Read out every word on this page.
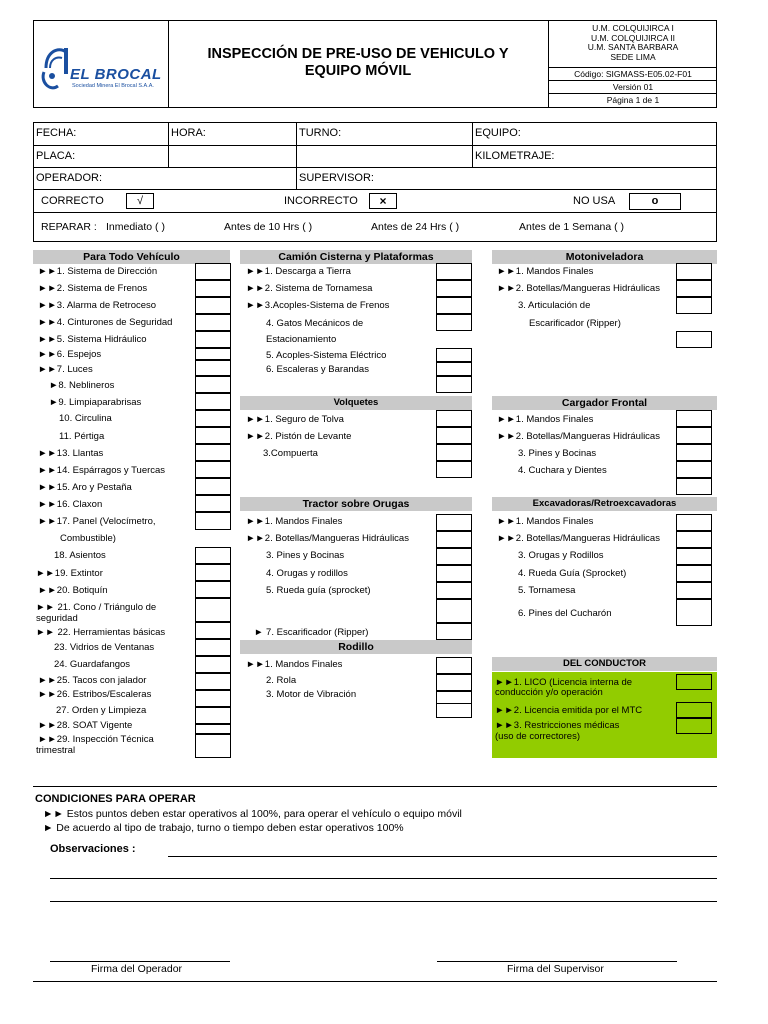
EL BROCAL
Sociedad Minera El Brocal S.A.A.
INSPECCIÓN DE PRE-USO DE VEHICULO Y
EQUIPO MÓVIL
U.M. COLQUIJIRCA I
U.M. COLQUIJIRCA II
U.M. SANTA BARBARA
SEDE LIMA
Código: SIGMASS-E05.02-F01
Versión 01
Página 1 de 1
FECHA:	HORA:	TURNO:	EQUIPO:
PLACA:	KILOMETRAJE:
OPERADOR:	SUPERVISOR:
CORRECTO	√	INCORRECTO	×	NO USA	o
REPARAR : Inmediato ( )	Antes de 10 Hrs ( )	Antes de 24 Hrs ( )	Antes de 1 Semana ( )
Para Todo Vehículo
►►1. Sistema de Dirección
►►2. Sistema de Frenos
►►3. Alarma de Retroceso
►►4. Cinturones de Seguridad
►►5. Sistema Hidráulico
►►6. Espejos
►►7. Luces
►8. Neblineros
►9. Limpiaparabrisas
10. Circulina
11. Pértiga
►►13. Llantas
►►14. Espárragos y Tuercas
►►15. Aro y Pestaña
►►16. Claxon
►►17. Panel (Velocímetro,
Combustible)
18. Asientos
►►19. Extintor
►►20. Botiquín
►► 21. Cono / Triángulo de
seguridad
►► 22. Herramientas básicas
23. Vidrios de Ventanas
24. Guardafangos
►►25. Tacos con jalador
►►26. Estribos/Escaleras
27. Orden y Limpieza
►►28. SOAT Vigente
►►29. Inspección Técnica
trimestral
Camión Cisterna y Plataformas
Volquetes
Tractor sobre Orugas
Rodillo
►►1. Descarga a Tierra
►►2. Sistema de Tornamesa
►►3.Acoples-Sistema de Frenos
4. Gatos Mecánicos de
Estacionamiento
5. Acoples-Sistema Eléctrico
6. Escaleras y Barandas
►►1. Seguro de Tolva
►►2. Pistón de Levante
3.Compuerta
►►1. Mandos Finales
►►2. Botellas/Mangueras Hidráulicas
3. Pines y Bocinas
4. Orugas y rodillos
5. Rueda guía (sprocket)
► 7. Escarificador (Ripper)
►►1. Mandos Finales
2. Rola
3. Motor de Vibración
Motoniveladora
Cargador Frontal
Excavadoras/Retroexcavadoras
DEL CONDUCTOR
►►1. Mandos Finales
►►2. Botellas/Mangueras Hidráulicas
3. Articulación de
Escarificador (Ripper)
►►1. Mandos Finales
►►2. Botellas/Mangueras Hidráulicas
3. Pines y Bocinas
4. Cuchara y Dientes
►►1. Mandos Finales
►►2. Botellas/Mangueras Hidráulicas
3. Orugas y Rodillos
4. Rueda Guía (Sprocket)
5. Tornamesa
6. Pines del Cucharón
►►1. LICO (Licencia interna de
conducción y/o operación
►►2. Licencia emitida por el MTC
►►3. Restricciones médicas
(uso de correctores)
CONDICIONES PARA OPERAR
►► Estos puntos deben estar operativos al 100%, para operar el vehículo o equipo móvil
► De acuerdo al tipo de trabajo, turno o tiempo deben estar operativos 100%
Observaciones :
Firma del Operador	Firma del Supervisor
